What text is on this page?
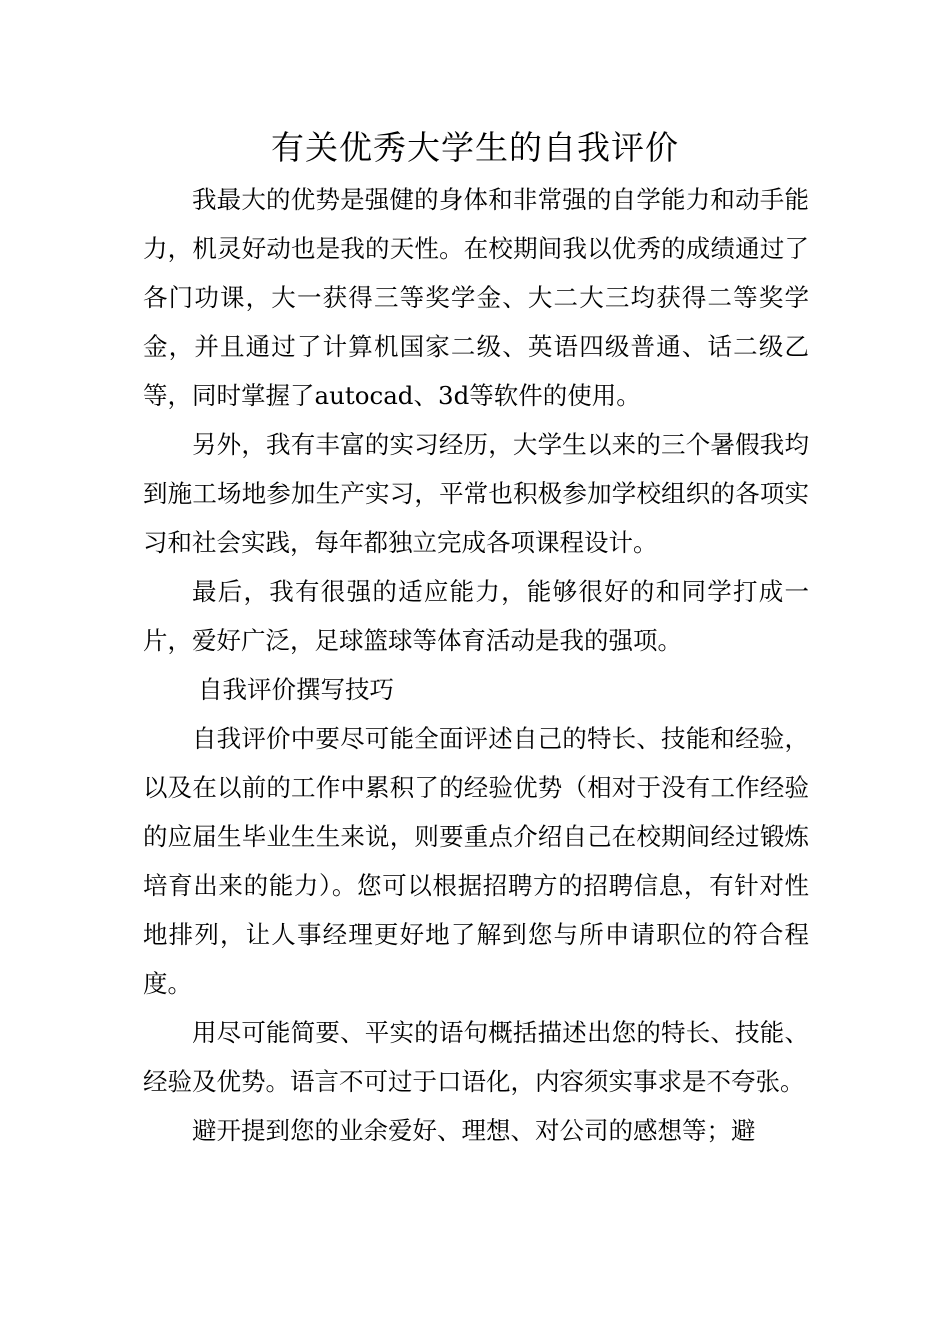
有关优秀大学生的自我评价

我最大的优势是强健的身体和非常强的自学能力和动手能力，机灵好动也是我的天性。在校期间我以优秀的成绩通过了各门功课，大一获得三等奖学金、大二大三均获得二等奖学金，并且通过了计算机国家二级、英语四级普通、话二级乙等，同时掌握了autocad、3d等软件的使用。

另外，我有丰富的实习经历，大学生以来的三个暑假我均到施工场地参加生产实习，平常也积极参加学校组织的各项实习和社会实践，每年都独立完成各项课程设计。

最后，我有很强的适应能力，能够很好的和同学打成一片，爱好广泛，足球篮球等体育活动是我的强项。

自我评价撰写技巧

自我评价中要尽可能全面评述自己的特长、技能和经验，以及在以前的工作中累积了的经验优势（相对于没有工作经验的应届生毕业生生来说，则要重点介绍自己在校期间经过锻炼培育出来的能力）。您可以根据招聘方的招聘信息，有针对性地排列，让人事经理更好地了解到您与所申请职位的符合程度。

用尽可能简要、平实的语句概括描述出您的特长、技能、经验及优势。语言不可过于口语化，内容须实事求是不夸张。

避开提到您的业余爱好、理想、对公司的感想等；避
